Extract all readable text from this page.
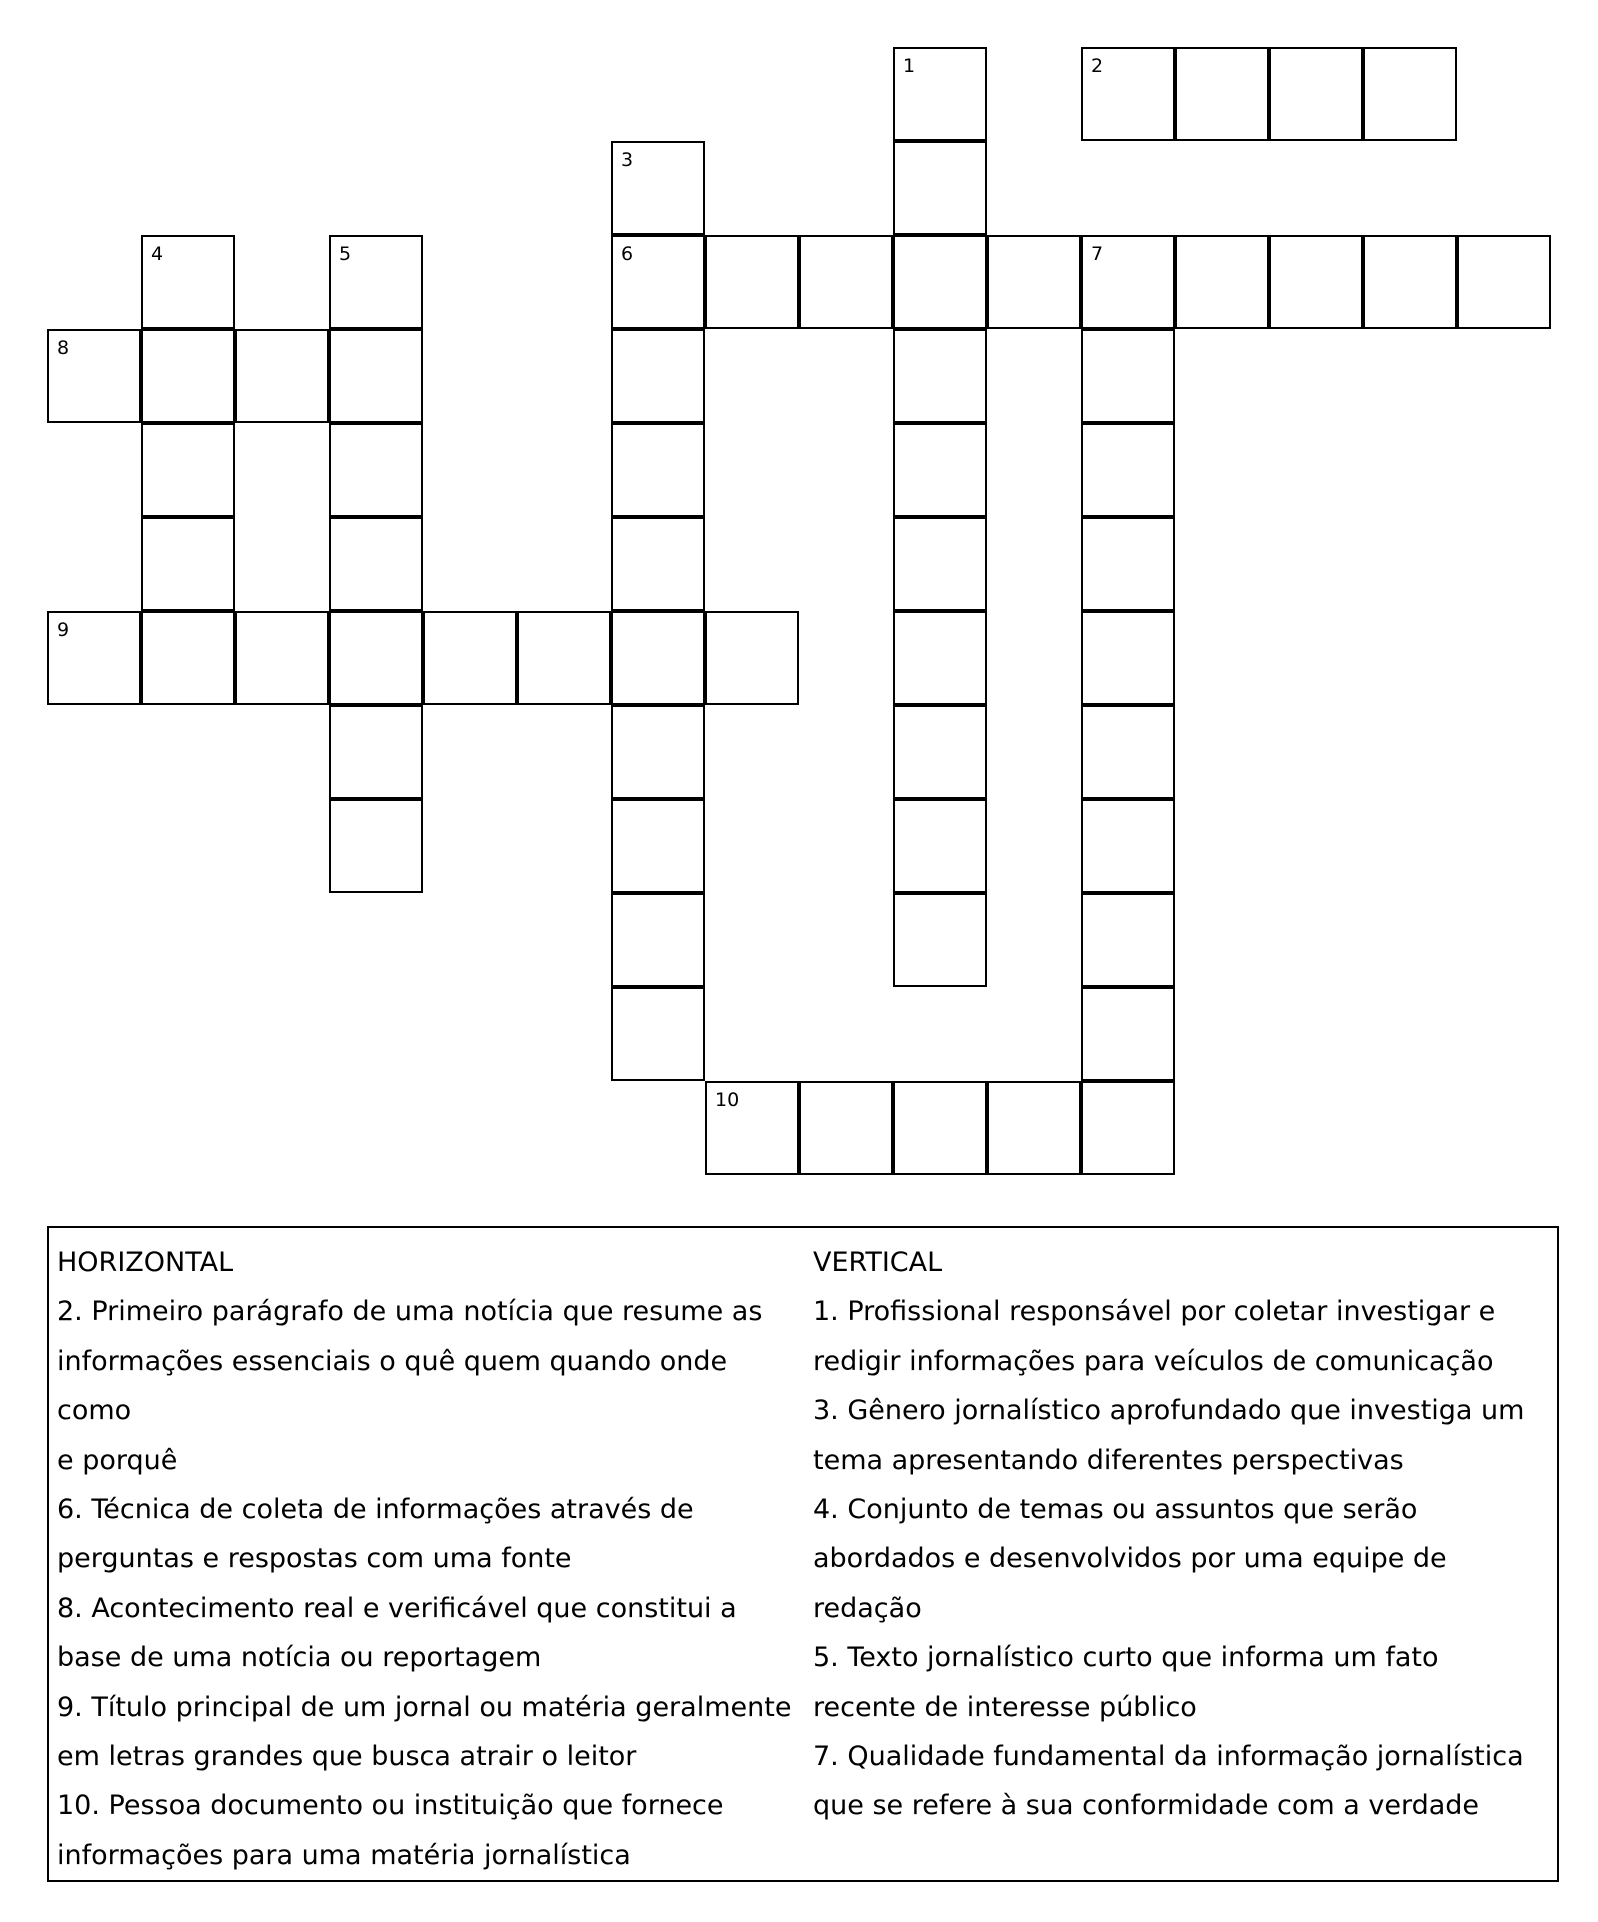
1	2
3
4	5	6	7
8
9
10
HORIZONTAL
2. Primeiro parágrafo de uma notícia que resume as
informações essenciais o quê quem quando onde como
e porquê
6. Técnica de coleta de informações através de
perguntas e respostas com uma fonte
8. Acontecimento real e verificável que constitui a
base de uma notícia ou reportagem
9. Título principal de um jornal ou matéria geralmente
em letras grandes que busca atrair o leitor
10. Pessoa documento ou instituição que fornece
informações para uma matéria jornalística
VERTICAL
1. Profissional responsável por coletar investigar e
redigir informações para veículos de comunicação
3. Gênero jornalístico aprofundado que investiga um
tema apresentando diferentes perspectivas
4. Conjunto de temas ou assuntos que serão
abordados e desenvolvidos por uma equipe de redação
5. Texto jornalístico curto que informa um fato
recente de interesse público
7. Qualidade fundamental da informação jornalística
que se refere à sua conformidade com a verdade
